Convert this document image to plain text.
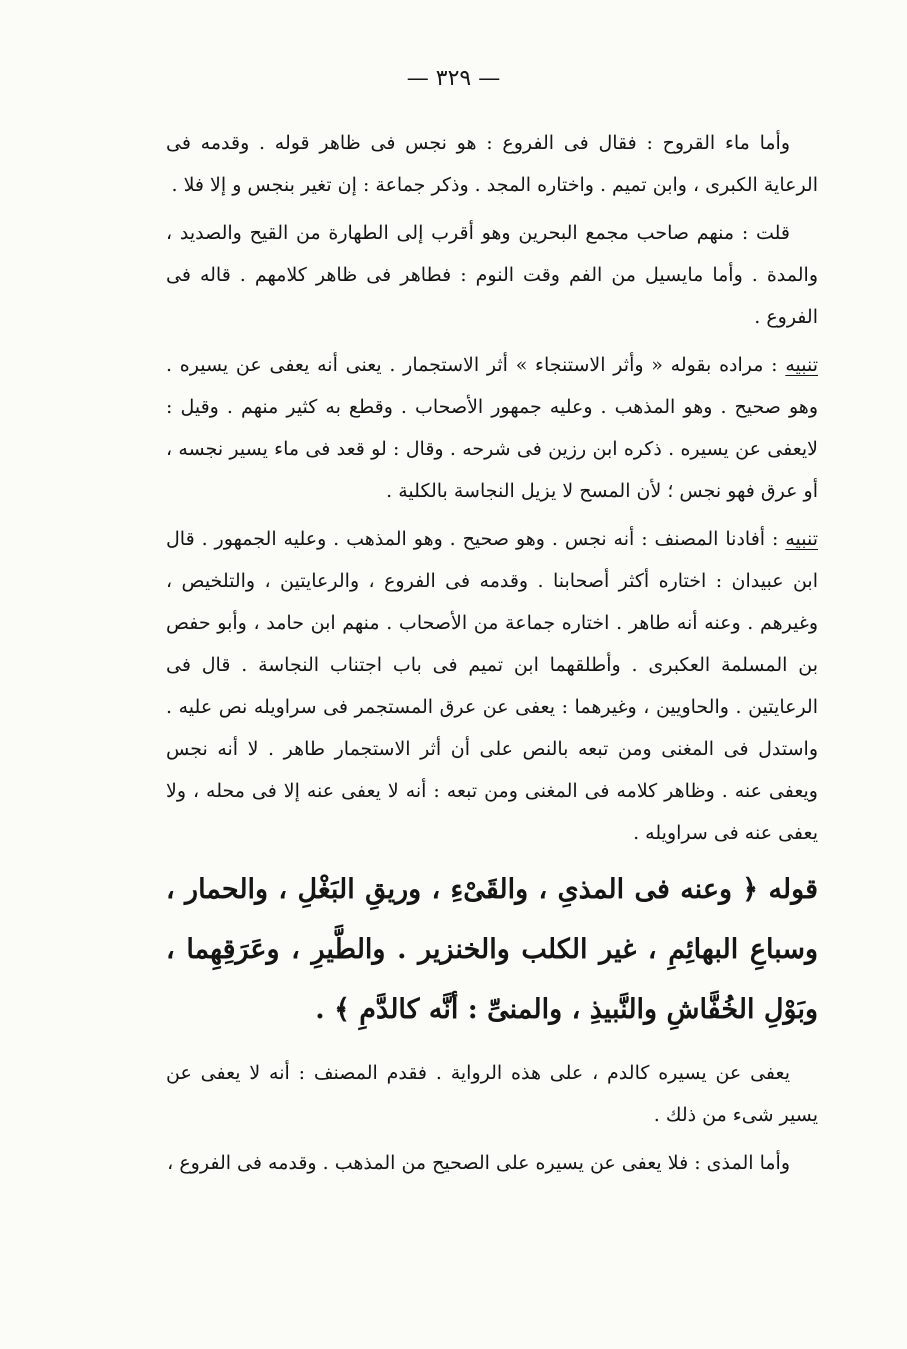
— ٣٢٩ —

وأما ماء القروح : فقال فى الفروع : هو نجس فى ظاهر قوله . وقدمه فى الرعاية الكبرى ، وابن تميم . واختاره المجد . وذكر جماعة : إن تغير بنجس و إلا فلا .

قلت : منهم صاحب مجمع البحرين وهو أقرب إلى الطهارة من القيح والصديد ، والمدة . وأما مايسيل من الفم وقت النوم : فطاهر فى ظاهر كلامهم . قاله فى الفروع .

تنبيه : مراده بقوله « وأثر الاستنجاء » أثر الاستجمار . يعنى أنه يعفى عن يسيره . وهو صحيح . وهو المذهب . وعليه جمهور الأصحاب . وقطع به كثير منهم . وقيل : لايعفى عن يسيره . ذكره ابن رزين فى شرحه . وقال : لو قعد فى ماء يسير نجسه ، أو عرق فهو نجس ؛ لأن المسح لا يزيل النجاسة بالكلية .

تنبيه : أفادنا المصنف : أنه نجس . وهو صحيح . وهو المذهب . وعليه الجمهور . قال ابن عبيدان : اختاره أكثر أصحابنا . وقدمه فى الفروع ، والرعايتين ، والتلخيص ، وغيرهم . وعنه أنه طاهر . اختاره جماعة من الأصحاب . منهم ابن حامد ، وأبو حفص بن المسلمة العكبرى . وأطلقهما ابن تميم فى باب اجتناب النجاسة . قال فى الرعايتين . والحاويين ، وغيرهما : يعفى عن عرق المستجمر فى سراويله نص عليه . واستدل فى المغنى ومن تبعه بالنص على أن أثر الاستجمار طاهر . لا أنه نجس ويعفى عنه . وظاهر كلامه فى المغنى ومن تبعه : أنه لا يعفى عنه إلا فى محله ، ولا يعفى عنه فى سراويله .

قوله ﴿ وعنه فى المذىِ ، والقَىْءِ ، وريقِ البَغْلِ ، والحمار ، وسباعِ البهائِمِ ، غير الكلب والخنزير . والطَّيرِ ، وعَرَقِهِما ، وبَوْلِ الخُفَّاشِ والنَّبيذِ ، والمنىِّ : أنَّه كالدَّمِ ﴾ .

يعفى عن يسيره كالدم ، على هذه الرواية . فقدم المصنف : أنه لا يعفى عن يسير شىء من ذلك .

وأما المذى : فلا يعفى عن يسيره على الصحيح من المذهب . وقدمه فى الفروع ،
